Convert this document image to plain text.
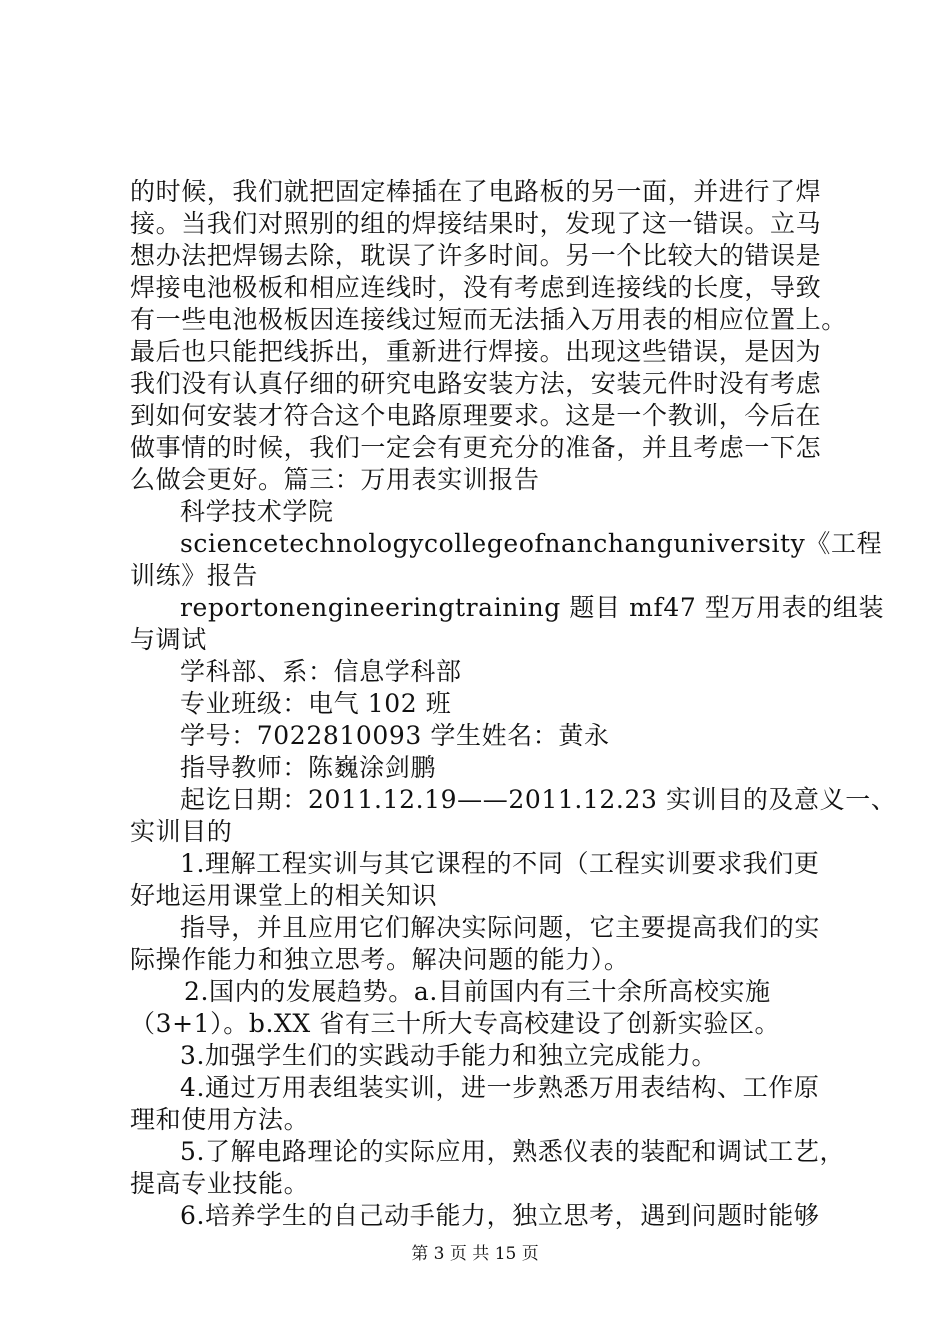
的时候，我们就把固定棒插在了电路板的另一面，并进行了焊
接。当我们对照别的组的焊接结果时，发现了这一错误。立马
想办法把焊锡去除，耽误了许多时间。另一个比较大的错误是
焊接电池极板和相应连线时，没有考虑到连接线的长度，导致
有一些电池极板因连接线过短而无法插入万用表的相应位置上。
最后也只能把线拆出，重新进行焊接。出现这些错误，是因为
我们没有认真仔细的研究电路安装方法，安装元件时没有考虑
到如何安装才符合这个电路原理要求。这是一个教训，今后在
做事情的时候，我们一定会有更充分的准备，并且考虑一下怎
么做会更好。篇三：万用表实训报告
科学技术学院
sciencetechnologycollegeofnanchanguniversity《工程
训练》报告
reportonengineeringtraining 题目 mf47 型万用表的组装
与调试
学科部、系：信息学科部
专业班级：电气 102 班
学号：7022810093 学生姓名：黄永
指导教师：陈巍涂剑鹏
起讫日期：2011.12.19——2011.12.23 实训目的及意义一、
实训目的
1.理解工程实训与其它课程的不同（工程实训要求我们更
好地运用课堂上的相关知识
指导，并且应用它们解决实际问题，它主要提高我们的实
际操作能力和独立思考。解决问题的能力）。
2.国内的发展趋势。a.目前国内有三十余所高校实施
（3+1）。b.XX 省有三十所大专高校建设了创新实验区。
3.加强学生们的实践动手能力和独立完成能力。
4.通过万用表组装实训，进一步熟悉万用表结构、工作原
理和使用方法。
5.了解电路理论的实际应用，熟悉仪表的装配和调试工艺，
提高专业技能。
6.培养学生的自己动手能力，独立思考，遇到问题时能够
第 3 页 共 15 页
